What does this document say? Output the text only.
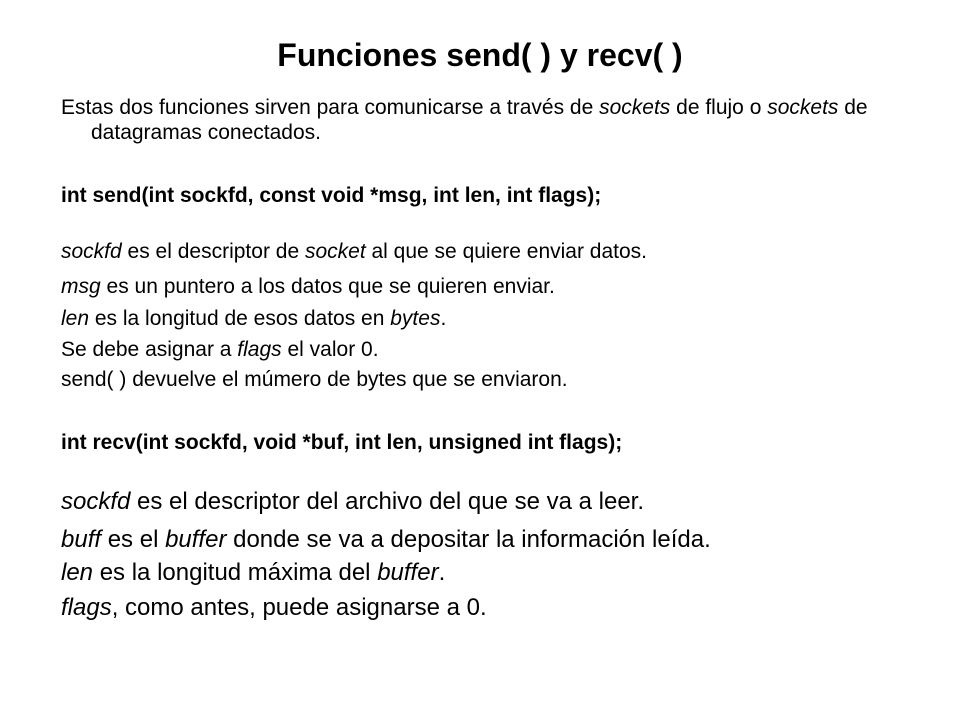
Funciones send( ) y recv( )
Estas dos funciones sirven para comunicarse a través de sockets de flujo o sockets de
datagramas conectados.
int send(int sockfd, const void *msg, int len, int flags);
sockfd es el descriptor de socket al que se quiere enviar datos.
msg es un puntero a los datos que se quieren enviar.
len es la longitud de esos datos en bytes.
Se debe asignar a flags el valor 0.
send( ) devuelve el múmero de bytes que se enviaron.
int recv(int sockfd, void *buf, int len, unsigned int flags);
sockfd es el descriptor del archivo del que se va a leer.
buff es el buffer donde se va a depositar la información leída.
len es la longitud máxima del buffer.
flags, como antes, puede asignarse a 0.
